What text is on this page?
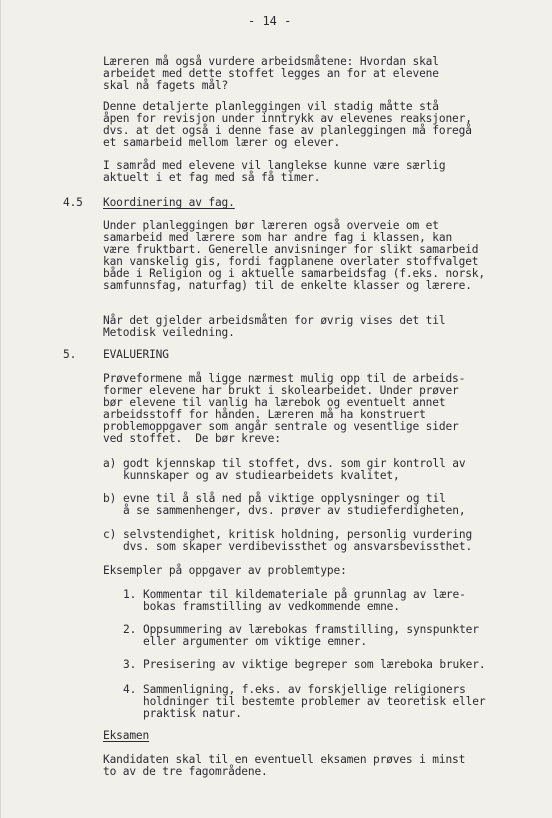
- 14 -
Læreren må også vurdere arbeidsmåtene: Hvordan skal
arbeidet med dette stoffet legges an for at elevene
skal nå fagets mål?
Denne detaljerte planleggingen vil stadig måtte stå
åpen for revisjon under inntrykk av elevenes reaksjoner,
dvs. at det også i denne fase av planleggingen må foregå
et samarbeid mellom lærer og elever.
I samråd med elevene vil langlekse kunne være særlig
aktuelt i et fag med så få timer.
4.5 Koordinering av fag.
Under planleggingen bør læreren også overveie om et
samarbeid med lærere som har andre fag i klassen, kan
være fruktbart. Generelle anvisninger for slikt samarbeid
kan vanskelig gis, fordi fagplanene overlater stoffvalget
både i Religion og i aktuelle samarbeidsfag (f.eks. norsk,
samfunnsfag, naturfag) til de enkelte klasser og lærere.
Når det gjelder arbeidsmåten for øvrig vises det til
Metodisk veiledning.
5. EVALUERING
Prøveformene må ligge nærmest mulig opp til de arbeids-
former elevene har brukt i skolearbeidet. Under prøver
bør elevene til vanlig ha lærebok og eventuelt annet
arbeidsstoff for hånden. Læreren må ha konstruert
problemoppgaver som angår sentrale og vesentlige sider
ved stoffet.  De bør kreve:
a) godt kjennskap til stoffet, dvs. som gir kontroll av
kunnskaper og av studiearbeidets kvalitet,
b) evne til å slå ned på viktige opplysninger og til
å se sammenhenger, dvs. prøver av studieferdigheten,
c) selvstendighet, kritisk holdning, personlig vurdering
dvs. som skaper verdibevissthet og ansvarsbevissthet.
Eksempler på oppgaver av problemtype:
1. Kommentar til kildemateriale på grunnlag av lære-
bokas framstilling av vedkommende emne.
2. Oppsummering av lærebokas framstilling, synspunkter
eller argumenter om viktige emner.
3. Presisering av viktige begreper som læreboka bruker.
4. Sammenligning, f.eks. av forskjellige religioners
holdninger til bestemte problemer av teoretisk eller
praktisk natur.
Eksamen
Kandidaten skal til en eventuell eksamen prøves i minst
to av de tre fagområdene.
